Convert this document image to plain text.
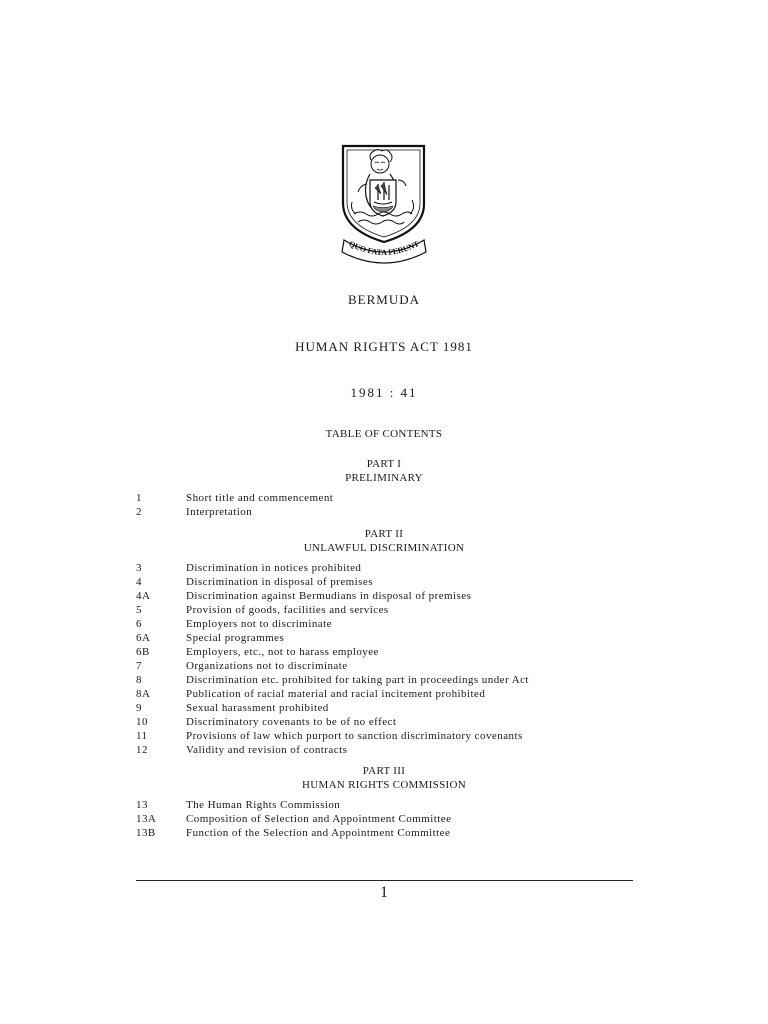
QUO FATA FERUNT
BERMUDA
HUMAN RIGHTS ACT 1981
1981 : 41
TABLE OF CONTENTS
PART I
PRELIMINARY
1	Short title and commencement
2	Interpretation
PART II
UNLAWFUL DISCRIMINATION
3	Discrimination in notices prohibited
4	Discrimination in disposal of premises
4A	Discrimination against Bermudians in disposal of premises
5	Provision of goods, facilities and services
6	Employers not to discriminate
6A	Special programmes
6B	Employers, etc., not to harass employee
7	Organizations not to discriminate
8	Discrimination etc. prohibited for taking part in proceedings under Act
8A	Publication of racial material and racial incitement prohibited
9	Sexual harassment prohibited
10	Discriminatory covenants to be of no effect
11	Provisions of law which purport to sanction discriminatory covenants
12	Validity and revision of contracts
PART III
HUMAN RIGHTS COMMISSION
13	The Human Rights Commission
13A	Composition of Selection and Appointment Committee
13B	Function of the Selection and Appointment Committee
1
